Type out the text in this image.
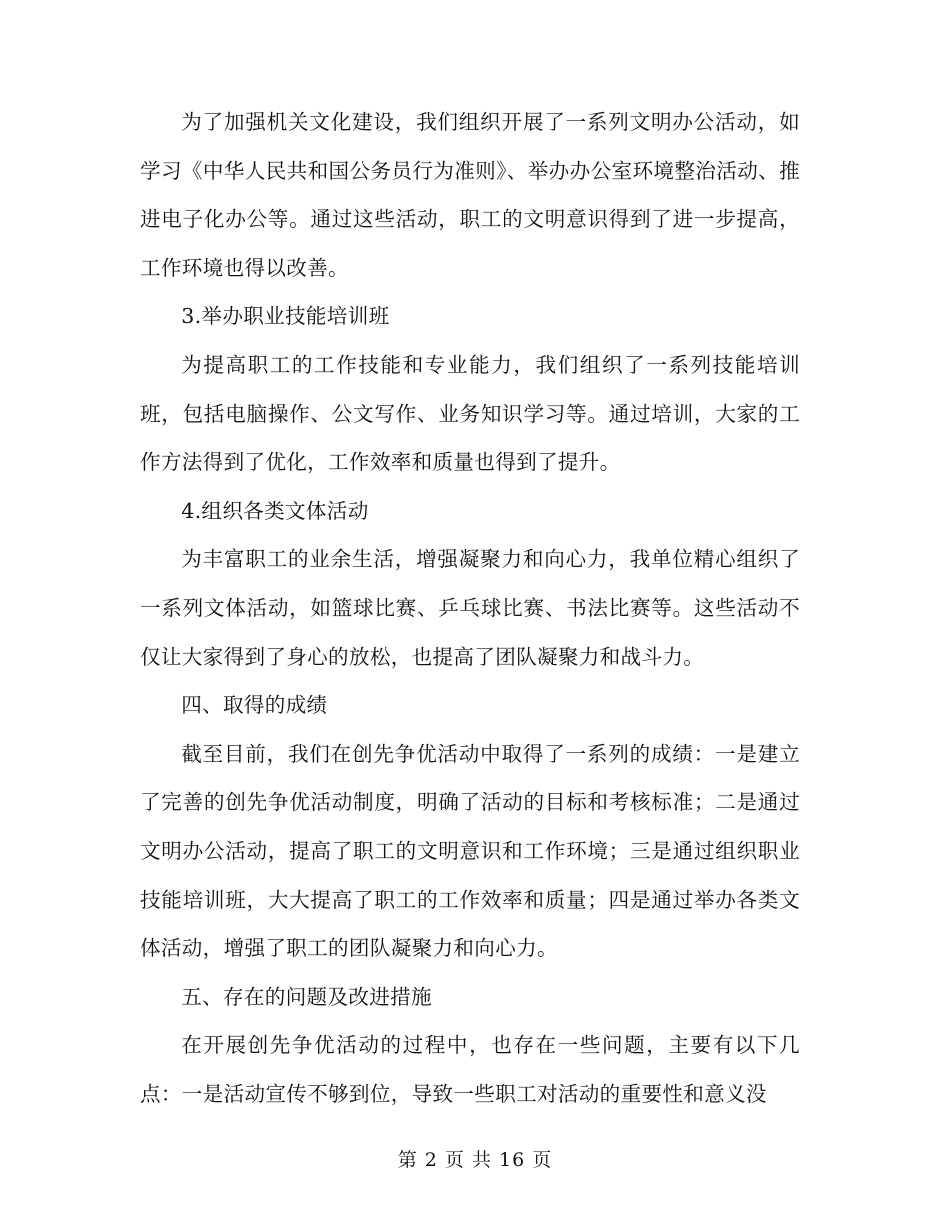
为了加强机关文化建设，我们组织开展了一系列文明办公活动，如学习《中华人民共和国公务员行为准则》、举办办公室环境整治活动、推进电子化办公等。通过这些活动，职工的文明意识得到了进一步提高，工作环境也得以改善。

3.举办职业技能培训班

为提高职工的工作技能和专业能力，我们组织了一系列技能培训班，包括电脑操作、公文写作、业务知识学习等。通过培训，大家的工作方法得到了优化，工作效率和质量也得到了提升。

4.组织各类文体活动

为丰富职工的业余生活，增强凝聚力和向心力，我单位精心组织了一系列文体活动，如篮球比赛、乒乓球比赛、书法比赛等。这些活动不仅让大家得到了身心的放松，也提高了团队凝聚力和战斗力。

四、取得的成绩

截至目前，我们在创先争优活动中取得了一系列的成绩：一是建立了完善的创先争优活动制度，明确了活动的目标和考核标准；二是通过文明办公活动，提高了职工的文明意识和工作环境；三是通过组织职业技能培训班，大大提高了职工的工作效率和质量；四是通过举办各类文体活动，增强了职工的团队凝聚力和向心力。

五、存在的问题及改进措施

在开展创先争优活动的过程中，也存在一些问题，主要有以下几点：一是活动宣传不够到位，导致一些职工对活动的重要性和意义没

第 2 页 共 16 页
